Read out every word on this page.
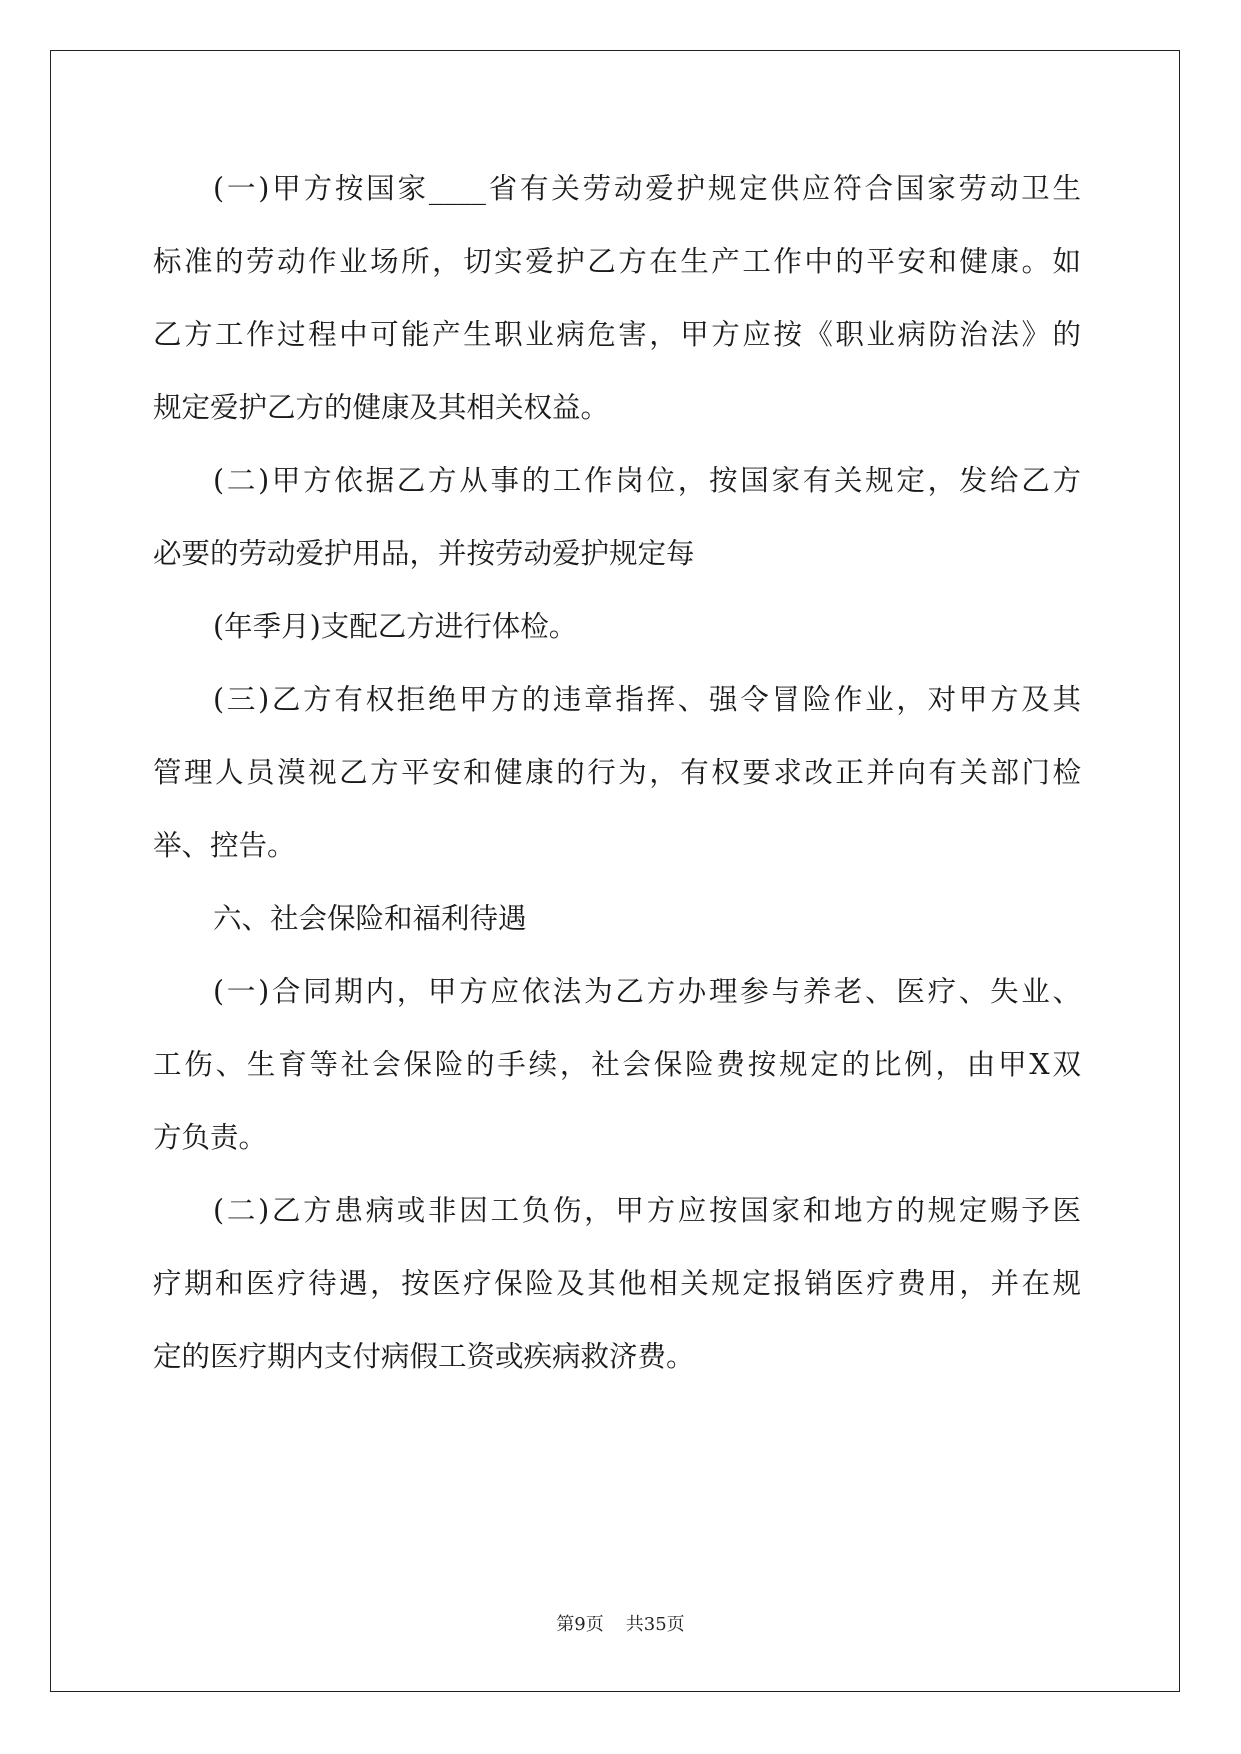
(一)甲方按国家____省有关劳动爱护规定供应符合国家劳动卫生
标准的劳动作业场所，切实爱护乙方在生产工作中的平安和健康。如
乙方工作过程中可能产生职业病危害，甲方应按《职业病防治法》的
规定爱护乙方的健康及其相关权益。
(二)甲方依据乙方从事的工作岗位，按国家有关规定，发给乙方
必要的劳动爱护用品，并按劳动爱护规定每
(年季月)支配乙方进行体检。
(三)乙方有权拒绝甲方的违章指挥、强令冒险作业，对甲方及其
管理人员漠视乙方平安和健康的行为，有权要求改正并向有关部门检
举、控告。
六、社会保险和福利待遇
(一)合同期内，甲方应依法为乙方办理参与养老、医疗、失业、
工伤、生育等社会保险的手续，社会保险费按规定的比例，由甲X双
方负责。
(二)乙方患病或非因工负伤，甲方应按国家和地方的规定赐予医
疗期和医疗待遇，按医疗保险及其他相关规定报销医疗费用，并在规
定的医疗期内支付病假工资或疾病救济费。
第9页 共35页
